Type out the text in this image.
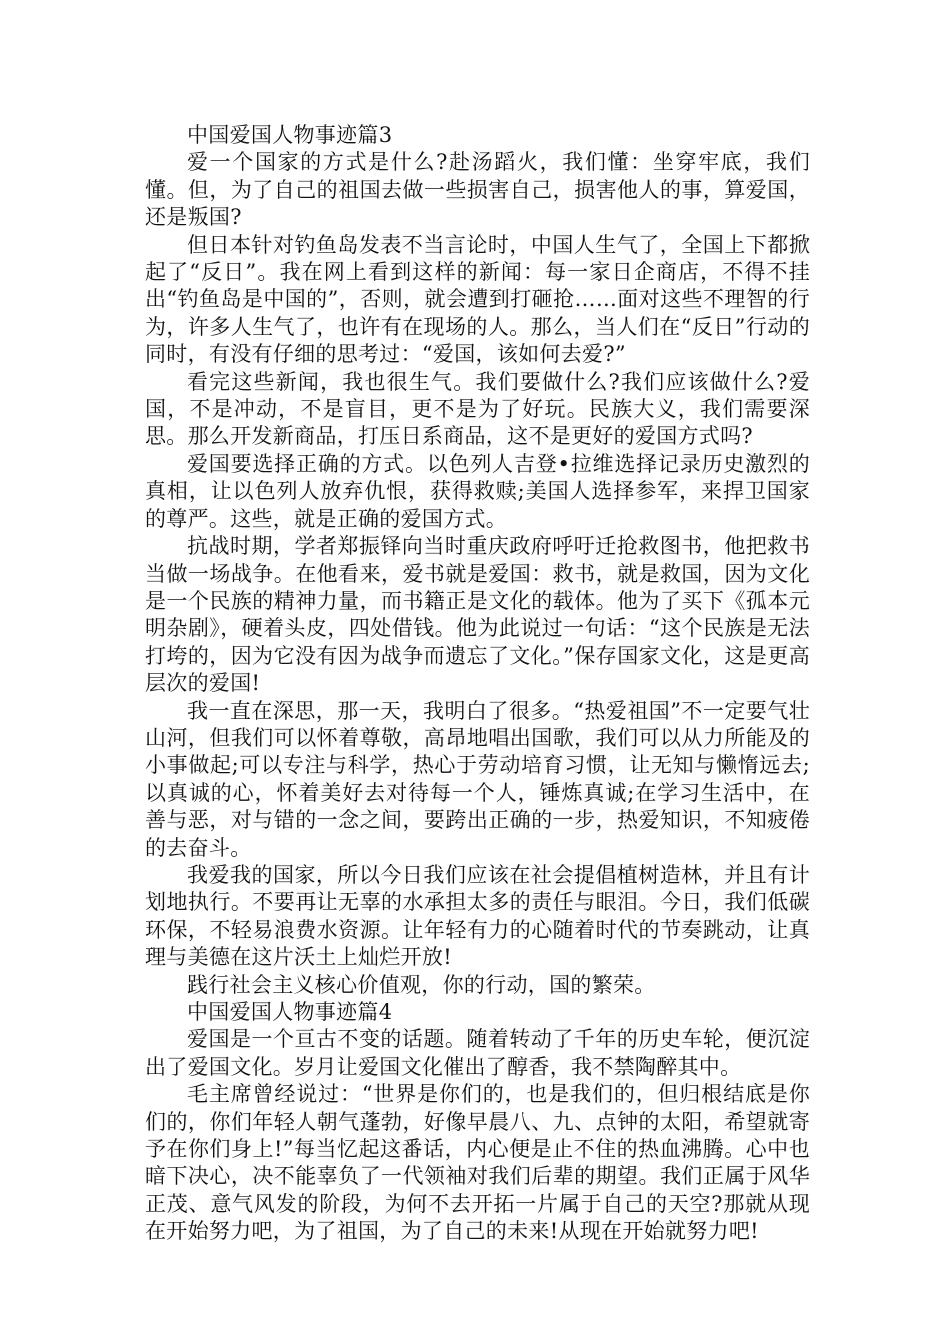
中国爱国人物事迹篇3

爱一个国家的方式是什么?赴汤蹈火，我们懂：坐穿牢底，我们懂。但，为了自己的祖国去做一些损害自己，损害他人的事，算爱国，还是叛国?

但日本针对钓鱼岛发表不当言论时，中国人生气了，全国上下都掀起了“反日”。我在网上看到这样的新闻：每一家日企商店，不得不挂出“钓鱼岛是中国的”，否则，就会遭到打砸抢……面对这些不理智的行为，许多人生气了，也许有在现场的人。那么，当人们在“反日”行动的同时，有没有仔细的思考过：“爱国，该如何去爱?”

看完这些新闻，我也很生气。我们要做什么?我们应该做什么?爱国，不是冲动，不是盲目，更不是为了好玩。民族大义，我们需要深思。那么开发新商品，打压日系商品，这不是更好的爱国方式吗?

爱国要选择正确的方式。以色列人吉登•拉维选择记录历史激烈的真相，让以色列人放弃仇恨，获得救赎;美国人选择参军，来捍卫国家的尊严。这些，就是正确的爱国方式。

抗战时期，学者郑振铎向当时重庆政府呼吁迁抢救图书，他把救书当做一场战争。在他看来，爱书就是爱国：救书，就是救国，因为文化是一个民族的精神力量，而书籍正是文化的载体。他为了买下《孤本元明杂剧》，硬着头皮，四处借钱。他为此说过一句话：“这个民族是无法打垮的，因为它没有因为战争而遗忘了文化。”保存国家文化，这是更高层次的爱国!

我一直在深思，那一天，我明白了很多。“热爱祖国”不一定要气壮山河，但我们可以怀着尊敬，高昂地唱出国歌，我们可以从力所能及的小事做起;可以专注与科学，热心于劳动培育习惯，让无知与懒惰远去;以真诚的心，怀着美好去对待每一个人，锤炼真诚;在学习生活中，在善与恶，对与错的一念之间，要跨出正确的一步，热爱知识，不知疲倦的去奋斗。

我爱我的国家，所以今日我们应该在社会提倡植树造林，并且有计划地执行。不要再让无辜的水承担太多的责任与眼泪。今日，我们低碳环保，不轻易浪费水资源。让年轻有力的心随着时代的节奏跳动，让真理与美德在这片沃土上灿烂开放!

践行社会主义核心价值观，你的行动，国的繁荣。

中国爱国人物事迹篇4

爱国是一个亘古不变的话题。随着转动了千年的历史车轮，便沉淀出了爱国文化。岁月让爱国文化催出了醇香，我不禁陶醉其中。

毛主席曾经说过：“世界是你们的，也是我们的，但归根结底是你们的，你们年轻人朝气蓬勃，好像早晨八、九、点钟的太阳，希望就寄予在你们身上!”每当忆起这番话，内心便是止不住的热血沸腾。心中也暗下决心，决不能辜负了一代领袖对我们后辈的期望。我们正属于风华正茂、意气风发的阶段，为何不去开拓一片属于自己的天空?那就从现在开始努力吧，为了祖国，为了自己的未来!从现在开始就努力吧!
